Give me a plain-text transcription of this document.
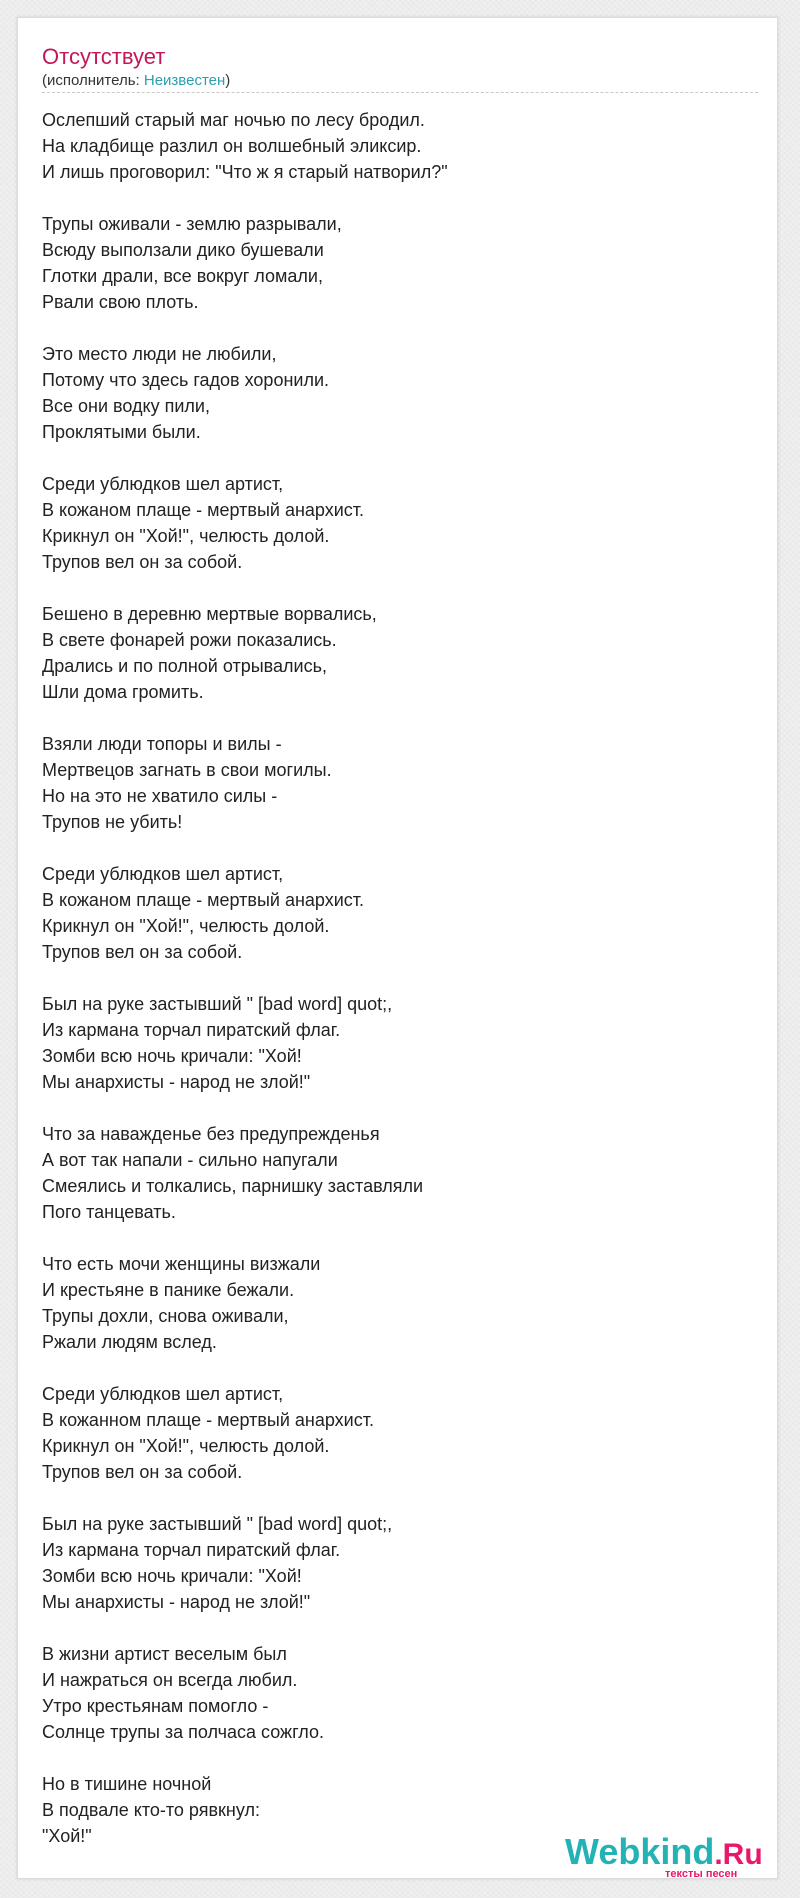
Отсутствует
(исполнитель: Неизвестен)
Ослепший старый маг ночью по лесу бродил.
На кладбище разлил он волшебный эликсир.
И лишь проговорил: "Что ж я старый натворил?"
Трупы оживали - землю разрывали,
Всюду выползали дико бушевали
Глотки драли, все вокруг ломали,
Рвали свою плоть.
Это место люди не любили,
Потому что здесь гадов хоронили.
Все они водку пили,
Проклятыми были.
Среди ублюдков шел артист,
В кожаном плаще - мертвый анархист.
Крикнул он "Хой!", челюсть долой.
Трупов вел он за собой.
Бешено в деревню мертвые ворвались,
В свете фонарей рожи показались.
Дрались и по полной отрывались,
Шли дома громить.
Взяли люди топоры и вилы -
Мертвецов загнать в свои могилы.
Но на это не хватило силы -
Трупов не убить!
Среди ублюдков шел артист,
В кожаном плаще - мертвый анархист.
Крикнул он "Хой!", челюсть долой.
Трупов вел он за собой.
Был на руке застывший " [bad word] quot;,
Из кармана торчал пиратский флаг.
Зомби всю ночь кричали: "Хой!
Мы анархисты - народ не злой!"
Что за наважденье без предупрежденья
А вот так напали - сильно напугали
Смеялись и толкались, парнишку заставляли
Пого танцевать.
Что есть мочи женщины визжали
И крестьяне в панике бежали.
Трупы дохли, снова оживали,
Ржали людям вслед.
Среди ублюдков шел артист,
В кожанном плаще - мертвый анархист.
Крикнул он "Хой!", челюсть долой.
Трупов вел он за собой.
Был на руке застывший " [bad word] quot;,
Из кармана торчал пиратский флаг.
Зомби всю ночь кричали: "Хой!
Мы анархисты - народ не злой!"
В жизни артист веселым был
И нажраться он всегда любил.
Утро крестьянам помогло -
Солнце трупы за полчаса сожгло.
Но в тишине ночной
В подвале кто-то рявкнул:
"Хой!"	Webkind.Ru
тексты песен
